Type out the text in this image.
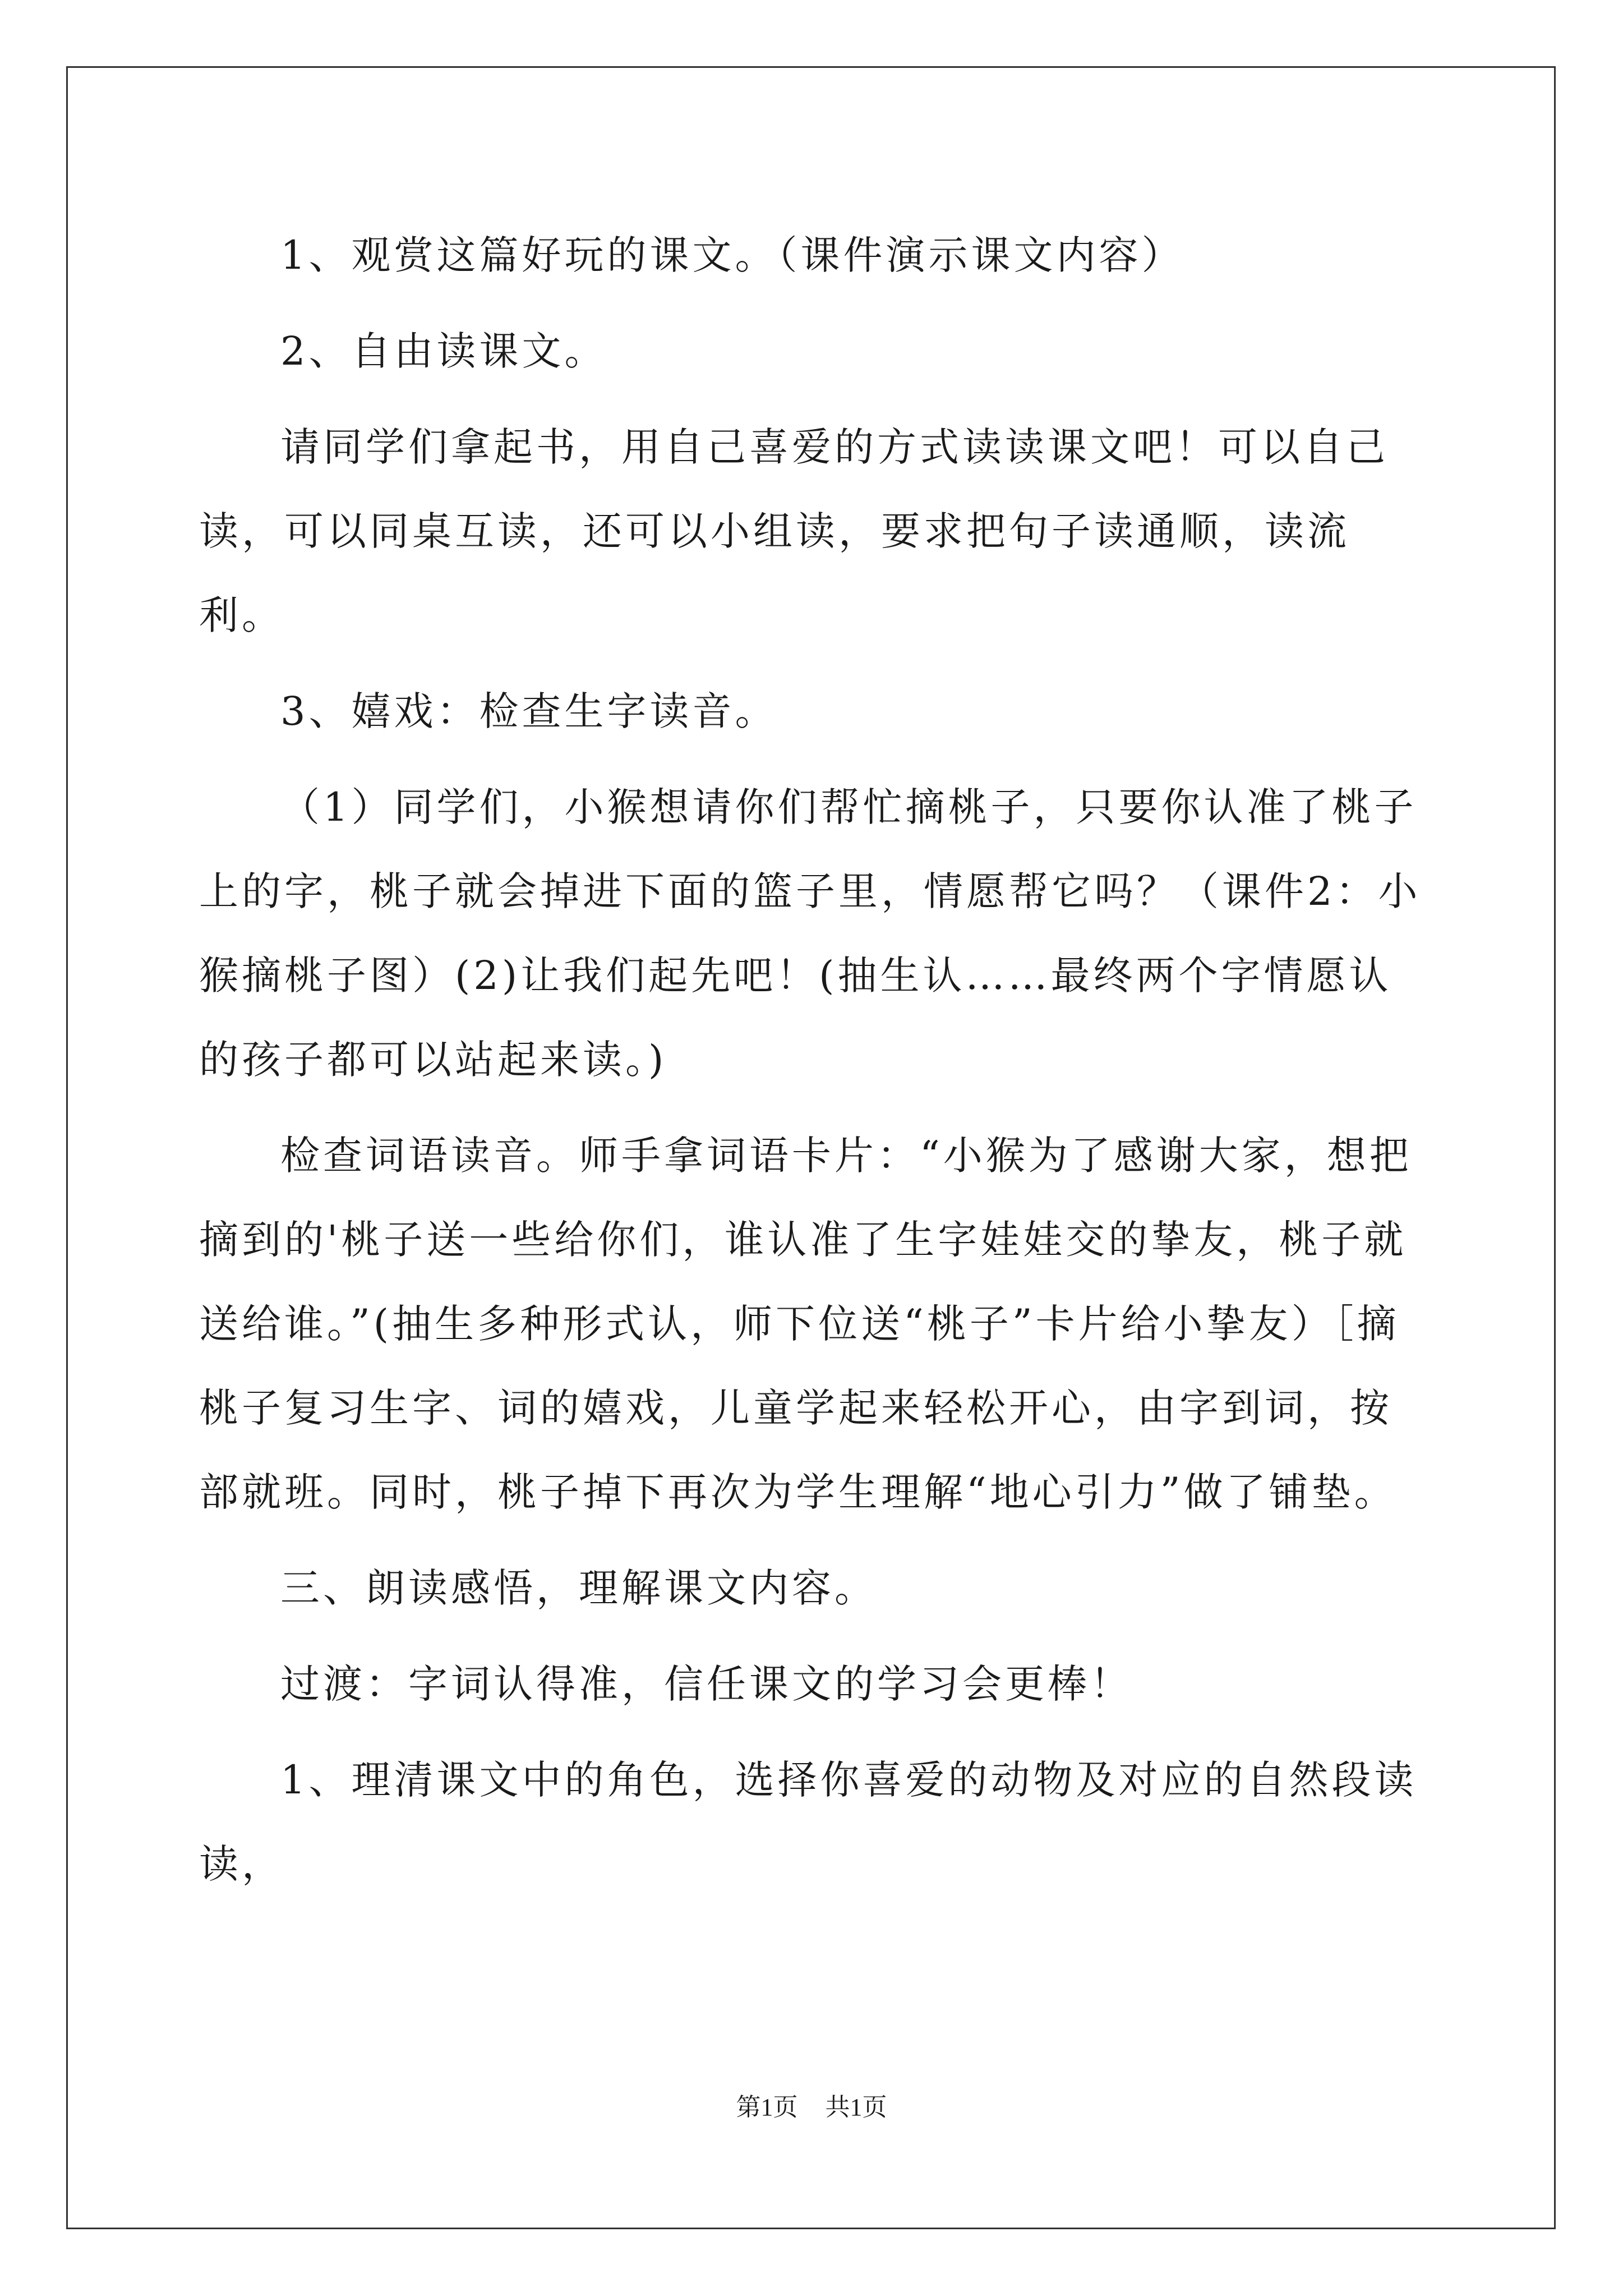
1、观赏这篇好玩的课文。（课件演示课文内容）

2、自由读课文。

请同学们拿起书，用自己喜爱的方式读读课文吧！可以自己读，可以同桌互读，还可以小组读，要求把句子读通顺，读流利。

3、嬉戏：检查生字读音。

（1）同学们，小猴想请你们帮忙摘桃子，只要你认准了桃子上的字，桃子就会掉进下面的篮子里，情愿帮它吗？（课件2：小猴摘桃子图）(2)让我们起先吧！(抽生认……最终两个字情愿认的孩子都可以站起来读。)

检查词语读音。师手拿词语卡片：“小猴为了感谢大家，想把摘到的'桃子送一些给你们，谁认准了生字娃娃交的挚友，桃子就送给谁。”(抽生多种形式认，师下位送“桃子”卡片给小挚友）［摘桃子复习生字、词的嬉戏，儿童学起来轻松开心，由字到词，按部就班。同时，桃子掉下再次为学生理解“地心引力”做了铺垫。

三、朗读感悟，理解课文内容。

过渡：字词认得准，信任课文的学习会更棒！

1、理清课文中的角色，选择你喜爱的动物及对应的自然段读读，

第1页 共1页
